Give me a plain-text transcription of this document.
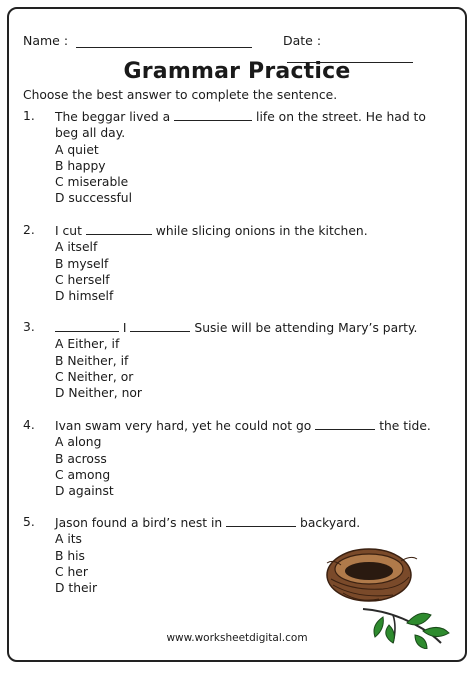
Name :	Date :
Grammar Practice
Choose the best answer to complete the sentence.
1.	The beggar lived a	life on the street. He had to beg all day.
A quiet
B happy
C miserable
D successful
2.	I cut	while slicing onions in the kitchen.
A itself
B myself
C herself
D himself
3.	I	Susie will be attending Mary’s party.
A Either, if
B Neither, if
C Neither, or
D Neither, nor
4.	Ivan swam very hard, yet he could not go	the tide.
A along
B across
C among
D against
5.	Jason found a bird’s nest in	backyard.
A its
B his
C her
D their
www.worksheetdigital.com
